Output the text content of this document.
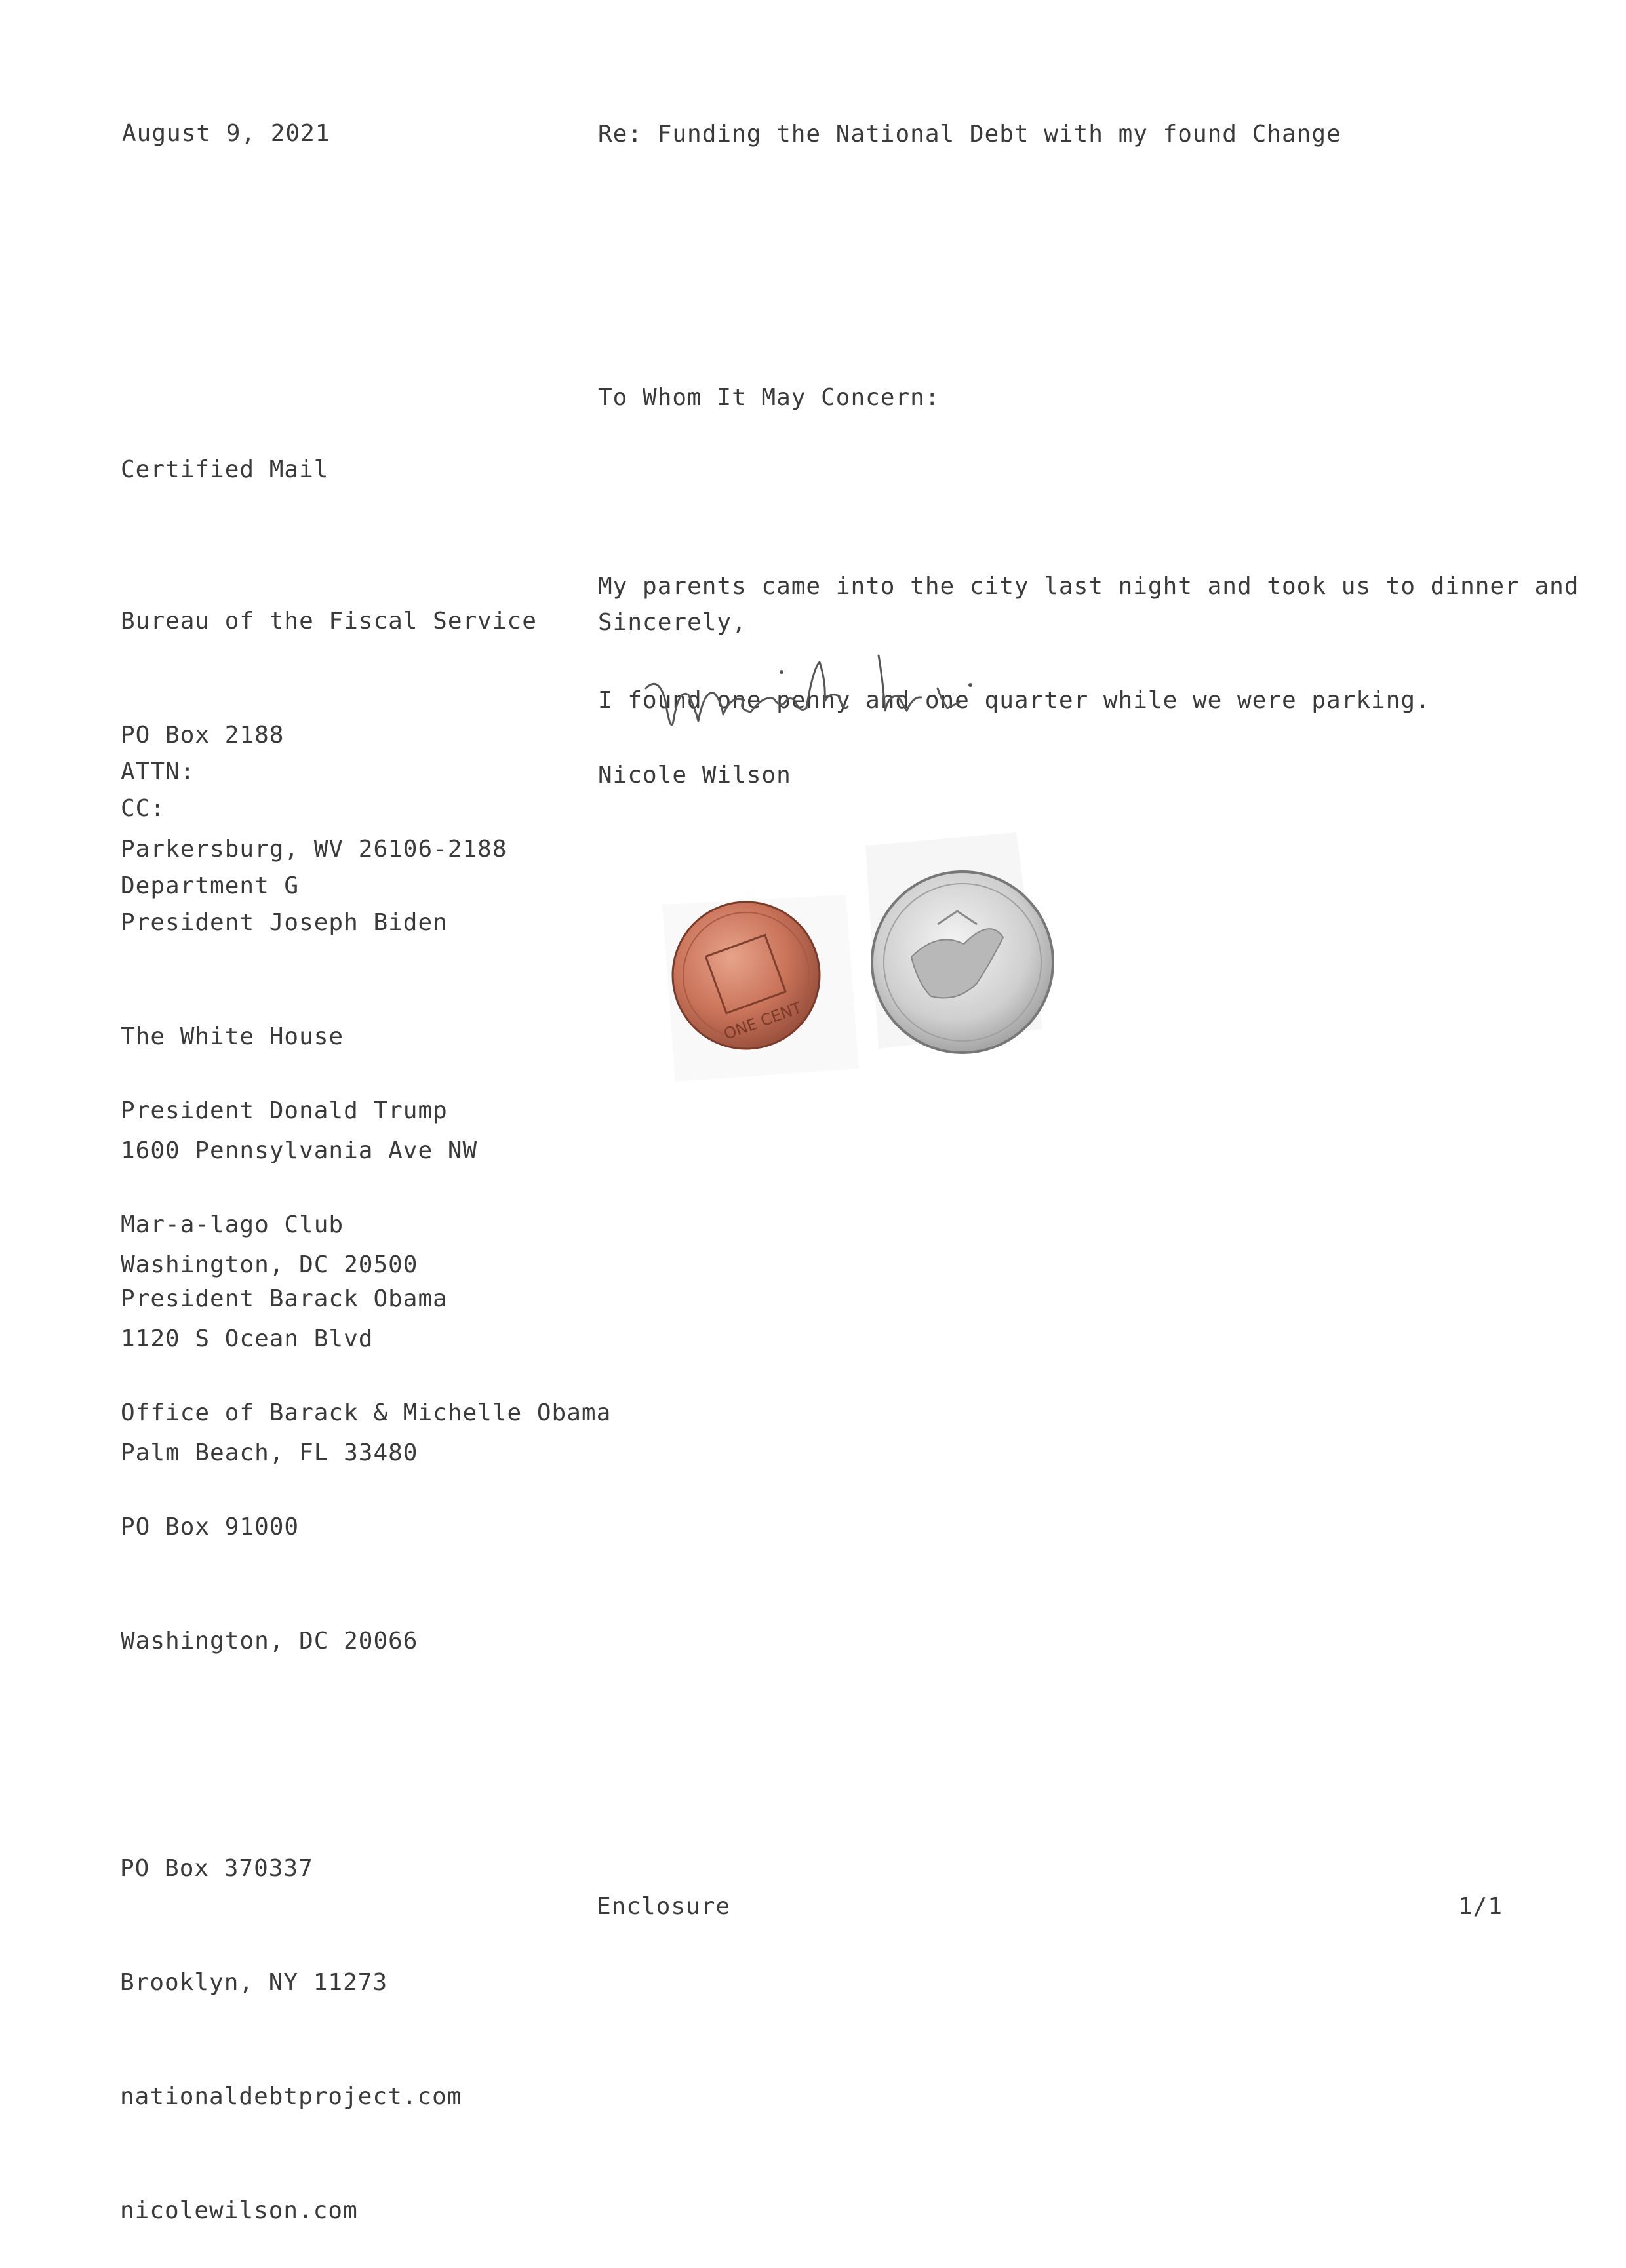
August 9, 2021	Re: Funding the National Debt with my found Change
To Whom It May Concern:
Certified Mail

Bureau of the Fiscal Service

PO Box 2188

Parkersburg, WV 26106-2188

ATTN:

Department G

CC:

President Joseph Biden

The White House

1600 Pennsylvania Ave NW

Washington, DC 20500

President Donald Trump

Mar-a-lago Club

1120 S Ocean Blvd

Palm Beach, FL 33480

President Barack Obama

Office of Barack & Michelle Obama

PO Box 91000

Washington, DC 20066

My parents came into the city last night and took us to dinner and

I found one penny and one quarter while we were parking.

Sincerely,
Nicole Wilson
ONE CENT

PO Box 370337

Brooklyn, NY 11273

nationaldebtproject.com

nicolewilson.com

Enclosure	1/1
